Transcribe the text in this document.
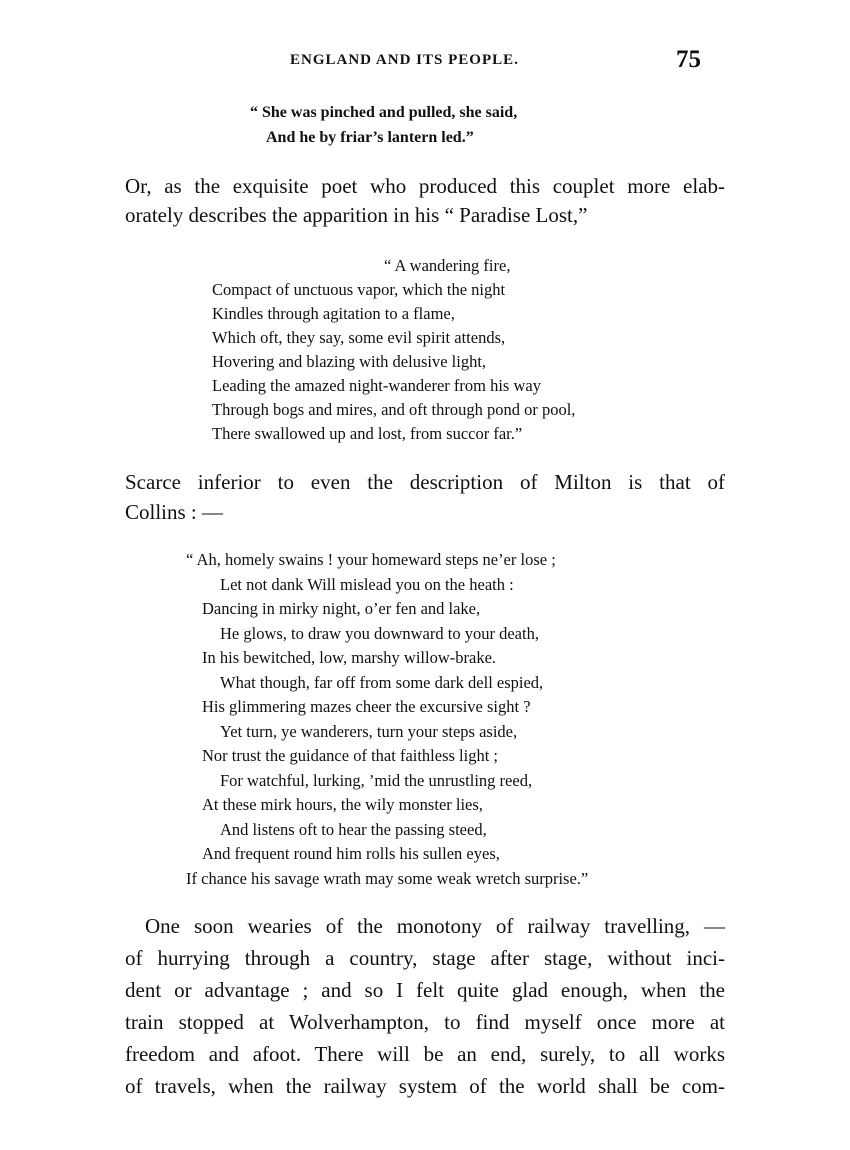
ENGLAND AND ITS PEOPLE.	75
“ She was pinched and pulled, she said,
And he by friar’s lantern led.”
Or, as the exquisite poet who produced this couplet more elab-
orately describes the apparition in his “ Paradise Lost,”
“ A wandering fire,
Compact of unctuous vapor, which the night
Kindles through agitation to a flame,
Which oft, they say, some evil spirit attends,
Hovering and blazing with delusive light,
Leading the amazed night-wanderer from his way
Through bogs and mires, and oft through pond or pool,
There swallowed up and lost, from succor far.”
Scarce inferior to even the description of Milton is that of
Collins : —
“ Ah, homely swains ! your homeward steps ne’er lose ;
Let not dank Will mislead you on the heath :
Dancing in mirky night, o’er fen and lake,
He glows, to draw you downward to your death,
In his bewitched, low, marshy willow-brake.
What though, far off from some dark dell espied,
His glimmering mazes cheer the excursive sight ?
Yet turn, ye wanderers, turn your steps aside,
Nor trust the guidance of that faithless light ;
For watchful, lurking, ’mid the unrustling reed,
At these mirk hours, the wily monster lies,
And listens oft to hear the passing steed,
And frequent round him rolls his sullen eyes,
If chance his savage wrath may some weak wretch surprise.”
One soon wearies of the monotony of railway travelling, —
of hurrying through a country, stage after stage, without inci-
dent or advantage ; and so I felt quite glad enough, when the
train stopped at Wolverhampton, to find myself once more at
freedom and afoot. There will be an end, surely, to all works
of travels, when the railway system of the world shall be com-
